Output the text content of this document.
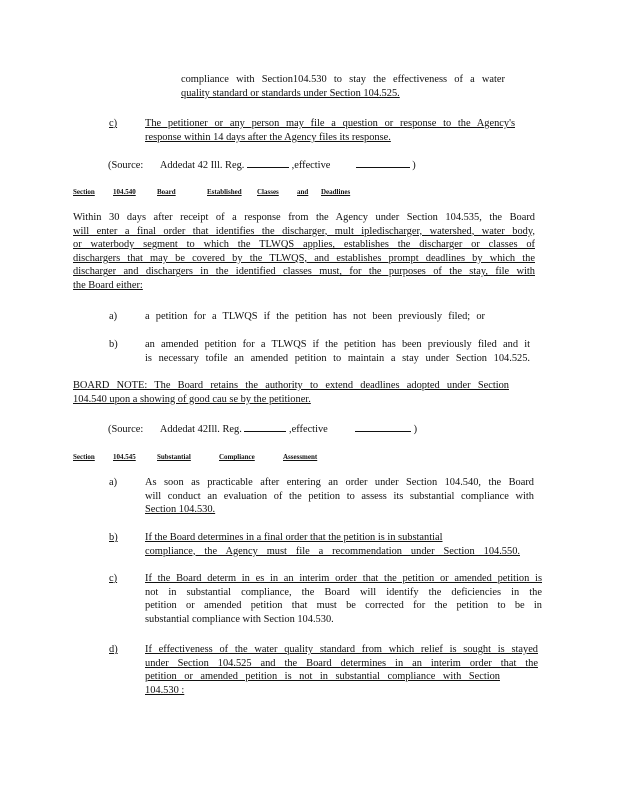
compliance with Section104.530 to stay the effectiveness of a water
quality standard or standards under Section 104.525.
c)	The petitioner or any person may file a question or response to the Agency's
response within 14 days after the Agency files its response.
(Source: Addedat 42 Ill. Reg.	,effective	)
Section	104.540	Board	Established	Classes	and	Deadlines
Within 30 days after receipt of a response from the Agency under Section 104.535, the Board
will enter a final order that identifies the discharger, mult ipledischarger, watershed, water body,
or waterbody segment to which the TLWQS applies, establishes the discharger or classes of
dischargers that may be covered by the TLWQS, and establishes prompt deadlines by which the
discharger and dischargers in the identified classes must, for the purposes of the stay, file with
the Board either:
a)	a petition for a TLWQS if the petition has not been previously filed; or
b)	an amended petition for a TLWQS if the petition has been previously filed and it
is necessary tofile an amended petition to maintain a stay under Section 104.525.
BOARD NOTE: The Board retains the authority to extend deadlines adopted under Section
104.540 upon a showing of good cau se by the petitioner.
(Source: Addedat 42Ill. Reg.	,effective	)
Section	104.545	Substantial	Compliance	Assessment
a)	As soon as practicable after entering an order under Section 104.540, the Board
will conduct an evaluation of the petition to assess its substantial compliance with
Section 104.530.
b)	If the Board determines in a final order that the petition is in substantial
compliance, the Agency must file a recommendation under Section 104.550.
c)	If the Board determ in es in an interim order that the petition or amended petition is
not in substantial compliance, the Board will identify the deficiencies in the
petition or amended petition that must be corrected for the petition to be in
substantial compliance with Section 104.530.
d)	If effectiveness of the water quality standard from which relief is sought is stayed
under Section 104.525 and the Board determines in an interim order that the
petition or amended petition is not in substantial compliance with Section
104.530 :
